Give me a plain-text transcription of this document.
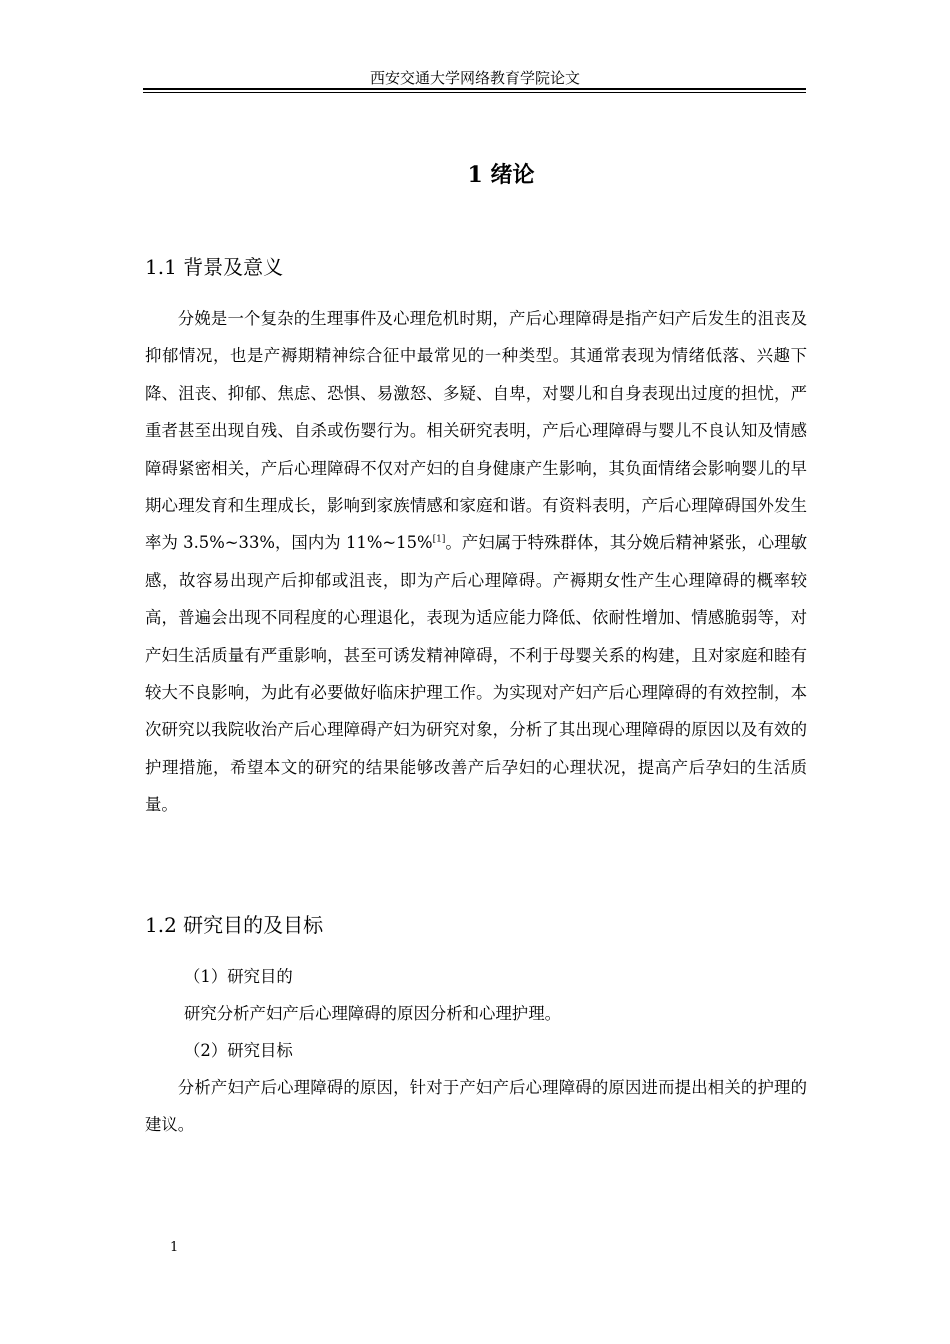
西安交通大学网络教育学院论文
1 绪论
1.1 背景及意义

分娩是一个复杂的生理事件及心理危机时期，产后心理障碍是指产妇产后发生的沮丧及抑郁情况，也是产褥期精神综合征中最常见的一种类型。其通常表现为情绪低落、兴趣下降、沮丧、抑郁、焦虑、恐惧、易激怒、多疑、自卑，对婴儿和自身表现出过度的担忧，严重者甚至出现自残、自杀或伤婴行为。相关研究表明，产后心理障碍与婴儿不良认知及情感障碍紧密相关，产后心理障碍不仅对产妇的自身健康产生影响，其负面情绪会影响婴儿的早期心理发育和生理成长，影响到家族情感和家庭和谐。有资料表明，产后心理障碍国外发生率为 3.5%~33%，国内为 11%~15%[1]。产妇属于特殊群体，其分娩后精神紧张，心理敏感，故容易出现产后抑郁或沮丧，即为产后心理障碍。产褥期女性产生心理障碍的概率较高，普遍会出现不同程度的心理退化，表现为适应能力降低、依耐性增加、情感脆弱等，对产妇生活质量有严重影响，甚至可诱发精神障碍，不利于母婴关系的构建，且对家庭和睦有较大不良影响，为此有必要做好临床护理工作。为实现对产妇产后心理障碍的有效控制，本次研究以我院收治产后心理障碍产妇为研究对象，分析了其出现心理障碍的原因以及有效的护理措施，希望本文的研究的结果能够改善产后孕妇的心理状况，提高产后孕妇的生活质量。

1.2 研究目的及目标
（1）研究目的
研究分析产妇产后心理障碍的原因分析和心理护理。
（2）研究目标

分析产妇产后心理障碍的原因，针对于产妇产后心理障碍的原因进而提出相关的护理的建议。

1
